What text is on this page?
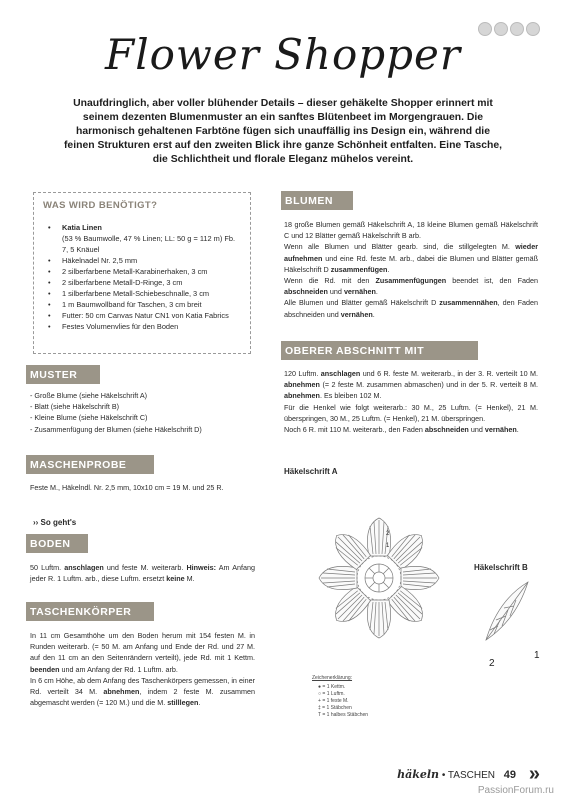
Flower Shopper
Unaufdringlich, aber voller blühender Details – dieser gehäkelte Shopper erinnert mit seinem dezenten Blumenmuster an ein sanftes Blütenbeet im Morgengrauen. Die harmonisch gehaltenen Farbtöne fügen sich unauffällig ins Design ein, während die feinen Strukturen erst auf den zweiten Blick ihre ganze Schönheit entfalten. Eine Tasche, die Schlichtheit und florale Eleganz mühelos vereint.
WAS WIRD BENÖTIGT?
• Katia Linen
(53 % Baumwolle, 47 % Linen; LL: 50 g = 112 m) Fb. 7, 5 Knäuel
• Häkelnadel Nr. 2,5 mm
• 2 silberfarbene Metall-Karabinerhaken, 3 cm
• 2 silberfarbene Metall-D-Ringe, 3 cm
• 1 silberfarbene Metall-Schiebeschnalle, 3 cm
• 1 m Baumwollband für Taschen, 3 cm breit
• Futter: 50 cm Canvas Natur CN1 von Katia Fabrics
• Festes Volumenvlies für den Boden
MUSTER
- Große Blume (siehe Häkelschrift A)
- Blatt (siehe Häkelschrift B)
- Kleine Blume (siehe Häkelschrift C)
- Zusammenfügung der Blumen (siehe Häkelschrift D)
MASCHENPROBE
Feste M., Häkelndl. Nr. 2,5 mm, 10x10 cm = 19 M. und 25 R.
›› So geht's
BODEN
50 Luftm. anschlagen und feste M. weiterarb. Hinweis: Am Anfang jeder R. 1 Luftm. arb., diese Luftm. ersetzt keine M.
TASCHENKÖRPER
In 11 cm Gesamthöhe um den Boden herum mit 154 festen M. in Runden weiterarb. (= 50 M. am Anfang und Ende der Rd. und 27 M. auf den 11 cm an den Seitenrändern verteilt), jede Rd. mit 1 Kettm. beenden und am Anfang der Rd. 1 Luftm. arb.
In 6 cm Höhe, ab dem Anfang des Taschenkörpers gemessen, in einer Rd. verteilt 34 M. abnehmen, indem 2 feste M. zusammen abgemascht werden (= 120 M.) und die M. stilllegen.
BLUMEN
18 große Blumen gemäß Häkelschrift A, 18 kleine Blumen gemäß Häkelschrift C und 12 Blätter gemäß Häkelschrift B arb.
Wenn alle Blumen und Blätter gearb. sind, die stillgelegten M. wieder aufnehmen und eine Rd. feste M. arb., dabei die Blumen und Blätter gemäß Häkelschrift D zusammenfügen.
Wenn die Rd. mit den Zusammenfügungen beendet ist, den Faden abschneiden und vernähen.
Alle Blumen und Blätter gemäß Häkelschrift D zusammennähen, den Faden abschneiden und vernähen.
OBERER ABSCHNITT MIT HENKELN
120 Luftm. anschlagen und 6 R. feste M. weiterarb., in der 3. R. verteilt 10 M. abnehmen (= 2 feste M. zusammen abmaschen) und in der 5. R. verteilt 8 M. abnehmen. Es bleiben 102 M.
Für die Henkel wie folgt weiterarb.: 30 M., 25 Luftm. (= Henkel), 21 M. überspringen, 30 M., 25 Luftm. (= Henkel), 21 M. überspringen.
Noch 6 R. mit 110 M. weiterarb., den Faden abschneiden und vernähen.
Häkelschrift A
Häkelschrift B
2
1
2
1
Zeichenerklärung:
● = 1 Kettm.
○ = 1 Luftm.
+ = 1 feste M.
‡ = 1 Stäbchen
T = 1 halbes Stäbchen
häkeln • TASCHEN 49 »
PassionForum.ru
